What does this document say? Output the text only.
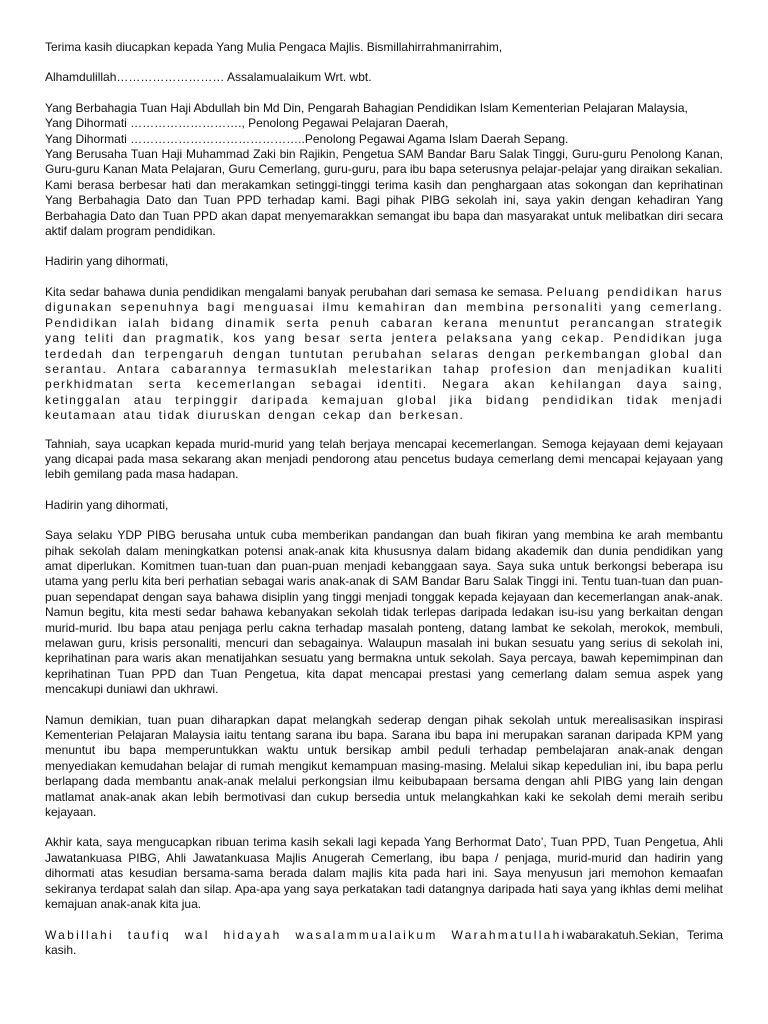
Terima kasih diucapkan kepada Yang Mulia Pengaca Majlis. Bismillahirrahmanirrahim,

Alhamdulillah……………………… Assalamualaikum Wrt. wbt.

Yang Berbahagia Tuan Haji Abdullah bin Md Din, Pengarah Bahagian Pendidikan Islam Kementerian Pelajaran Malaysia,

Yang Dihormati ………………………., Penolong Pegawai Pelajaran Daerah,

Yang Dihormati ……………………………………..Penolong Pegawai Agama Islam Daerah Sepang.

Yang Berusaha Tuan Haji Muhammad Zaki bin Rajikin, Pengetua SAM Bandar Baru Salak Tinggi, Guru-guru Penolong Kanan, Guru-guru Kanan Mata Pelajaran, Guru Cemerlang, guru-guru, para ibu bapa seterusnya pelajar-pelajar yang diraikan sekalian.

Kami berasa berbesar hati dan merakamkan setinggi-tinggi terima kasih dan penghargaan atas sokongan dan keprihatinan Yang Berbahagia Dato dan Tuan PPD terhadap kami. Bagi pihak PIBG sekolah ini, saya yakin dengan kehadiran Yang Berbahagia Dato dan Tuan PPD akan dapat menyemarakkan semangat ibu bapa dan masyarakat untuk melibatkan diri secara aktif dalam program pendidikan.

Hadirin yang dihormati,

Kita sedar bahawa dunia pendidikan mengalami banyak perubahan dari semasa ke semasa. Peluang pendidikan harus digunakan sepenuhnya bagi menguasai ilmu kemahiran dan membina personaliti yang cemerlang. Pendidikan ialah bidang dinamik serta penuh cabaran kerana menuntut perancangan strategik yang teliti dan pragmatik, kos yang besar serta jentera pelaksana yang cekap. Pendidikan juga terdedah dan terpengaruh dengan tuntutan perubahan selaras dengan perkembangan global dan serantau. Antara cabarannya termasuklah melestarikan tahap profesion dan menjadikan kualiti perkhidmatan serta kecemerlangan sebagai identiti. Negara akan kehilangan daya saing, ketinggalan atau terpinggir daripada kemajuan global jika bidang pendidikan tidak menjadi keutamaan atau tidak diuruskan dengan cekap dan berkesan.

Tahniah, saya ucapkan kepada murid-murid yang telah berjaya mencapai kecemerlangan. Semoga kejayaan demi kejayaan yang dicapai pada masa sekarang akan menjadi pendorong atau pencetus budaya cemerlang demi mencapai kejayaan yang lebih gemilang pada masa hadapan.

Hadirin yang dihormati,

Saya selaku YDP PIBG berusaha untuk cuba memberikan pandangan dan buah fikiran yang membina ke arah membantu pihak sekolah dalam meningkatkan potensi anak-anak kita khususnya dalam bidang akademik dan dunia pendidikan yang amat diperlukan. Komitmen tuan-tuan dan puan-puan menjadi kebanggaan saya. Saya suka untuk berkongsi beberapa isu utama yang perlu kita beri perhatian sebagai waris anak-anak di SAM Bandar Baru Salak Tinggi ini. Tentu tuan-tuan dan puan-puan sependapat dengan saya bahawa disiplin yang tinggi menjadi tonggak kepada kejayaan dan kecemerlangan anak-anak. Namun begitu, kita mesti sedar bahawa kebanyakan sekolah tidak terlepas daripada ledakan isu-isu yang berkaitan dengan murid-murid. Ibu bapa atau penjaga perlu cakna terhadap masalah ponteng, datang lambat ke sekolah, merokok, membuli, melawan guru, krisis personaliti, mencuri dan sebagainya. Walaupun masalah ini bukan sesuatu yang serius di sekolah ini, keprihatinan para waris akan menatijahkan sesuatu yang bermakna untuk sekolah. Saya percaya, bawah kepemimpinan dan keprihatinan Tuan PPD dan Tuan Pengetua, kita dapat mencapai prestasi yang cemerlang dalam semua aspek yang mencakupi duniawi dan ukhrawi.

Namun demikian, tuan puan diharapkan dapat melangkah sederap dengan pihak sekolah untuk merealisasikan inspirasi Kementerian Pelajaran Malaysia iaitu tentang sarana ibu bapa. Sarana ibu bapa ini merupakan saranan daripada KPM yang menuntut ibu bapa memperuntukkan waktu untuk bersikap ambil peduli terhadap pembelajaran anak-anak dengan menyediakan kemudahan belajar di rumah mengikut kemampuan masing-masing. Melalui sikap kepedulian ini, ibu bapa perlu berlapang dada membantu anak-anak melalui perkongsian ilmu keibubapaan bersama dengan ahli PIBG yang lain dengan matlamat anak-anak akan lebih bermotivasi dan cukup bersedia untuk melangkahkan kaki ke sekolah demi meraih seribu kejayaan.

Akhir kata, saya mengucapkan ribuan terima kasih sekali lagi kepada Yang Berhormat Dato’, Tuan PPD, Tuan Pengetua, Ahli Jawatankuasa PIBG, Ahli Jawatankuasa Majlis Anugerah Cemerlang, ibu bapa / penjaga, murid-murid dan hadirin yang dihormati atas kesudian bersama-sama berada dalam majlis kita pada hari ini. Saya menyusun jari memohon kemaafan sekiranya terdapat salah dan silap. Apa-apa yang saya perkatakan tadi datangnya daripada hati saya yang ikhlas demi melihat kemajuan anak-anak kita jua.

Wabillahi taufiq wal hidayah wasalammualaikum Warahmatullahiwabarakatuh.Sekian, Terima kasih.
